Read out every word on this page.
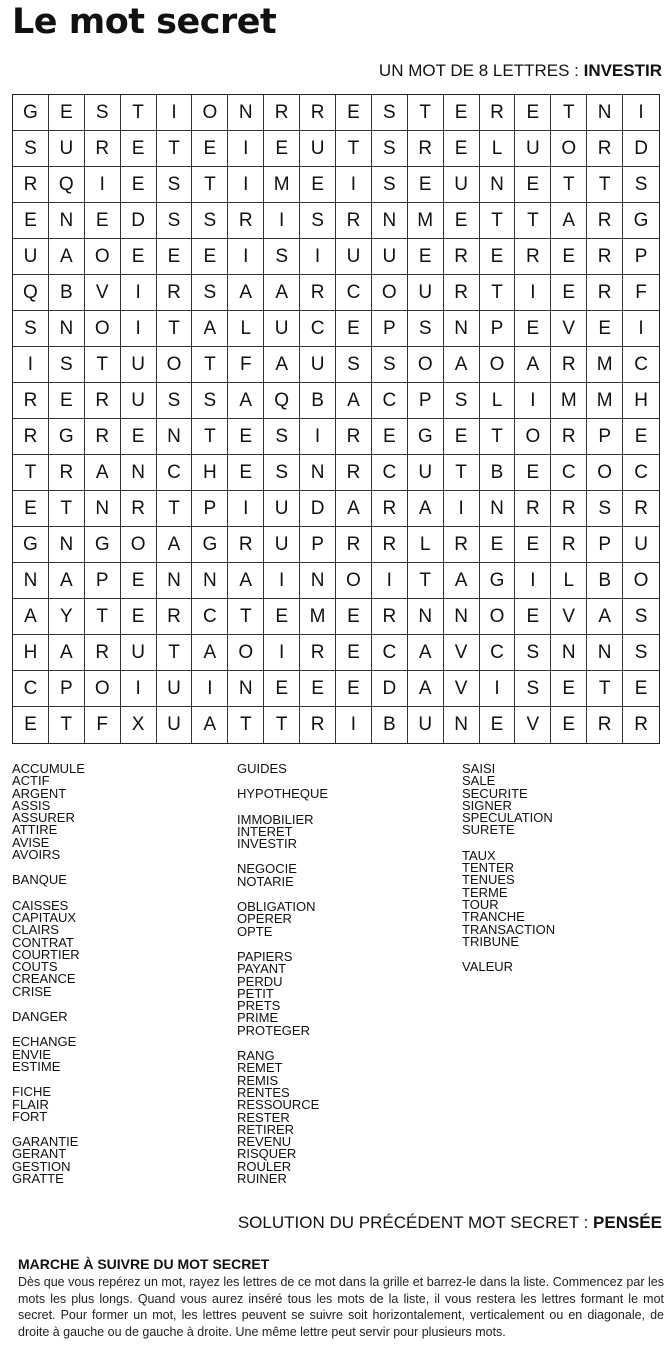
Le mot secret
UN MOT DE 8 LETTRES : INVESTIR
G	E	S	T	I	O	N	R	R	E	S	T	E	R	E	T	N	I
S	U	R	E	T	E	I	E	U	T	S	R	E	L	U	O	R	D
R	Q	I	E	S	T	I	M	E	I	S	E	U	N	E	T	T	S
E	N	E	D	S	S	R	I	S	R	N	M	E	T	T	A	R	G
U	A	O	E	E	E	I	S	I	U	U	E	R	E	R	E	R	P
Q	B	V	I	R	S	A	A	R	C	O	U	R	T	I	E	R	F
S	N	O	I	T	A	L	U	C	E	P	S	N	P	E	V	E	I
I	S	T	U	O	T	F	A	U	S	S	O	A	O	A	R	M	C
R	E	R	U	S	S	A	Q	B	A	C	P	S	L	I	M	M	H
R	G	R	E	N	T	E	S	I	R	E	G	E	T	O	R	P	E
T	R	A	N	C	H	E	S	N	R	C	U	T	B	E	C	O	C
E	T	N	R	T	P	I	U	D	A	R	A	I	N	R	R	S	R
G	N	G	O	A	G	R	U	P	R	R	L	R	E	E	R	P	U
N	A	P	E	N	N	A	I	N	O	I	T	A	G	I	L	B	O
A	Y	T	E	R	C	T	E	M	E	R	N	N	O	E	V	A	S
H	A	R	U	T	A	O	I	R	E	C	A	V	C	S	N	N	S
C	P	O	I	U	I	N	E	E	E	D	A	V	I	S	E	T	E
E	T	F	X	U	A	T	T	R	I	B	U	N	E	V	E	R	R
ACCUMULE
ACTIF
ARGENT
ASSIS
ASSURER
ATTIRE
AVISE
AVOIRS
BANQUE
CAISSES
CAPITAUX
CLAIRS
CONTRAT
COURTIER
COUTS
CREANCE
CRISE
DANGER
ECHANGE
ENVIE
ESTIME
FICHE
FLAIR
FORT
GARANTIE
GERANT
GESTION
GRATTE
GUIDES
HYPOTHEQUE
IMMOBILIER
INTERET
INVESTIR
NEGOCIE
NOTARIE
OBLIGATION
OPERER
OPTE
PAPIERS
PAYANT
PERDU
PETIT
PRETS
PRIME
PROTEGER
RANG
REMET
REMIS
RENTES
RESSOURCE
RESTER
RETIRER
REVENU
RISQUER
ROULER
RUINER
SAISI
SALE
SECURITE
SIGNER
SPECULATION
SURETE
TAUX
TENTER
TENUES
TERME
TOUR
TRANCHE
TRANSACTION
TRIBUNE
VALEUR
SOLUTION DU PRÉCÉDENT MOT SECRET : PENSÉE
MARCHE À SUIVRE DU MOT SECRET
Dès que vous repérez un mot, rayez les lettres de ce mot dans la grille et barrez-le dans la liste. Commencez par les mots les plus longs. Quand vous aurez inséré tous les mots de la liste, il vous restera les lettres formant le mot secret. Pour former un mot, les lettres peuvent se suivre soit horizontalement, verticalement ou en diagonale, de droite à gauche ou de gauche à droite. Une même lettre peut servir pour plusieurs mots.
